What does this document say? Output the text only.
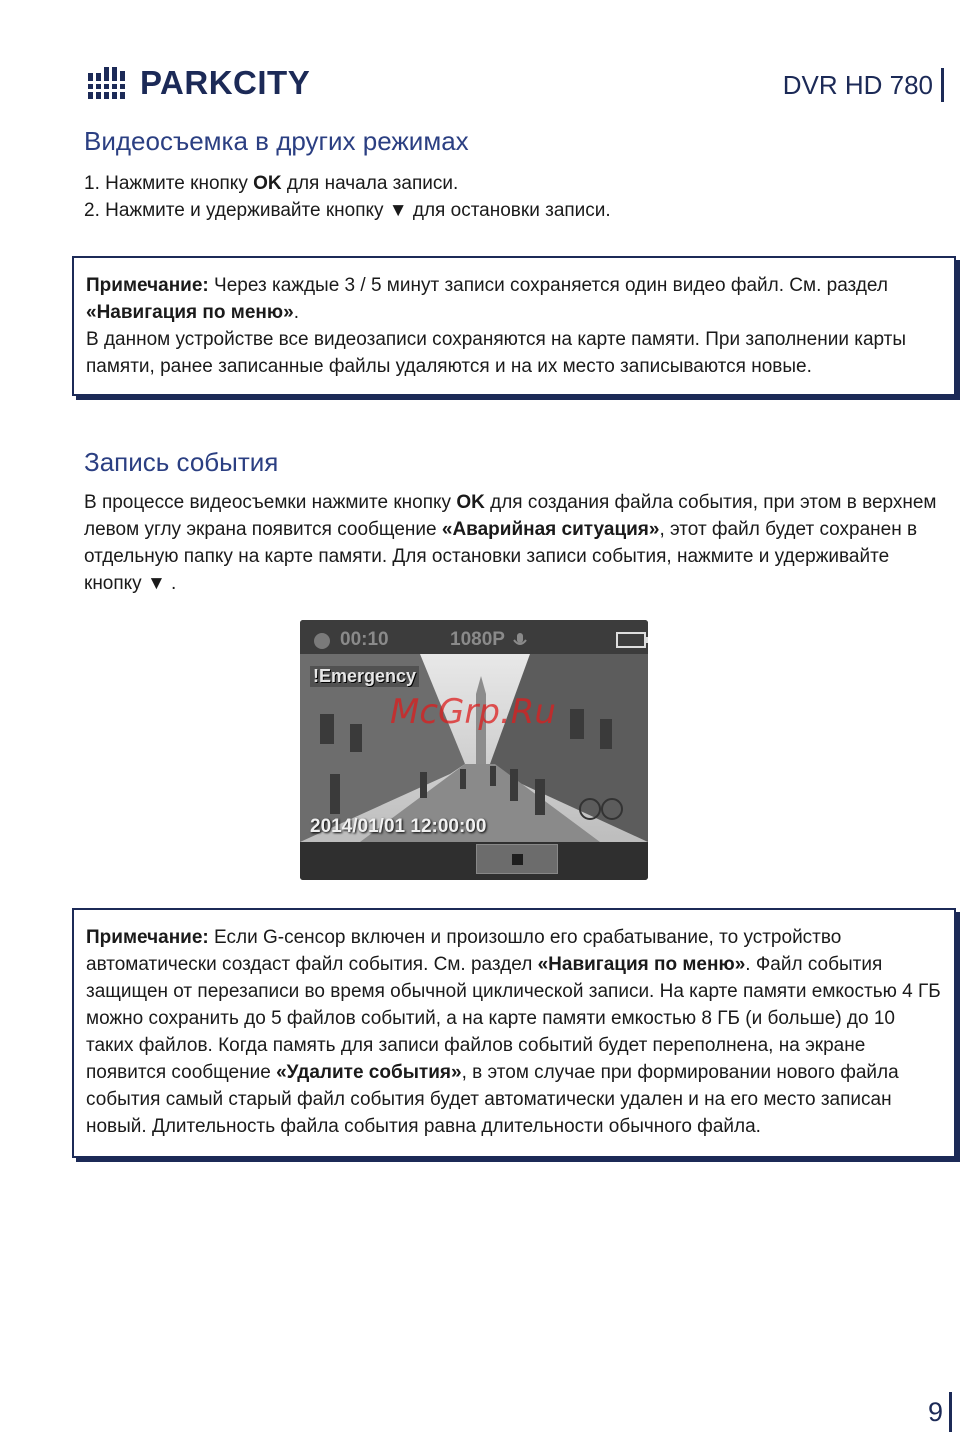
PARKCITY	DVR HD 780
Видеосъемка в других режимах
1. Нажмите кнопку OK для начала записи.
2. Нажмите и удерживайте кнопку ▼ для остановки записи.
Примечание: Через каждые 3 / 5 минут записи сохраняется один видео файл. См. раздел «Навигация по меню».
В данном устройстве все видеозаписи сохраняются на карте памяти. При заполнении карты памяти, ранее записанные файлы удаляются и на их место записываются новые.
Запись события
В процессе видеосъемки нажмите кнопку OK для создания файла события, при этом в верхнем левом углу экрана появится сообщение «Аварийная ситуация», этот файл будет сохранен в отдельную папку на карте памяти. Для остановки записи события, нажмите и удерживайте кнопку ▼ .
00:10	1080P
McGrp.Ru
!Emergency
2014/01/01 12:00:00
Примечание: Если G-сенсор включен и произошло его срабатывание, то устройство автоматически создаст файл события. См. раздел «Навигация по меню». Файл события защищен от перезаписи во время обычной циклической записи. На карте памяти емкостью 4 ГБ можно сохранить до 5 файлов событий, а на карте памяти емкостью 8 ГБ (и больше) до 10 таких файлов. Когда память для записи файлов событий будет переполнена, на экране появится сообщение «Удалите события», в этом случае при формировании нового файла события самый старый файл события будет автоматически удален и на его место записан новый. Длительность файла события равна длительности обычного файла.
9
